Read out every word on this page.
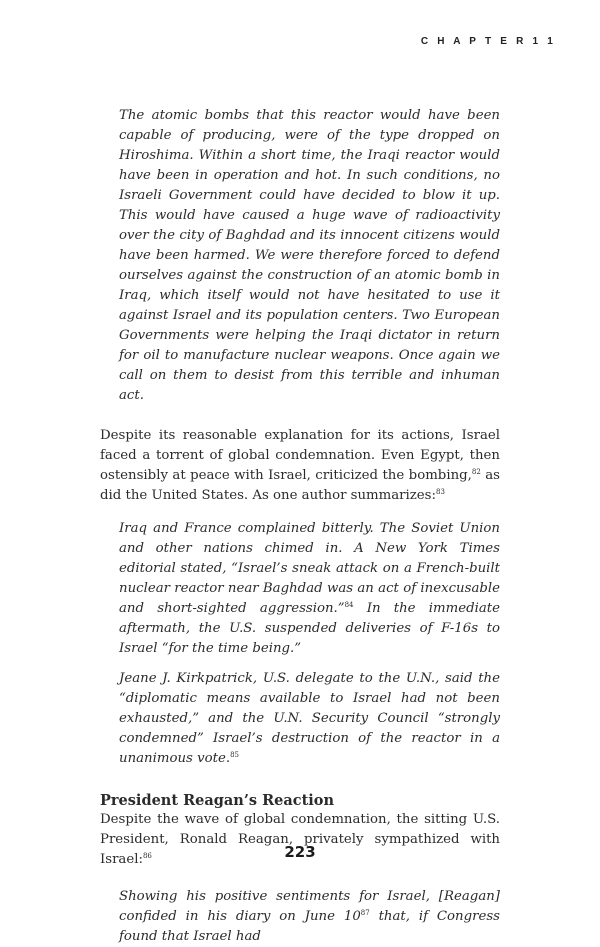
C H A P T E R 1 1

The atomic bombs that this reactor would have been capable of producing, were of the type dropped on Hiroshima. Within a short time, the Iraqi reactor would have been in operation and hot. In such conditions, no Israeli Government could have decided to blow it up. This would have caused a huge wave of radioactivity over the city of Baghdad and its innocent citizens would have been harmed. We were therefore forced to defend ourselves against the construction of an atomic bomb in Iraq, which itself would not have hesitated to use it against Israel and its population centers. Two European Governments were helping the Iraqi dictator in return for oil to manufacture nuclear weapons. Once again we call on them to desist from this terrible and inhuman act.

Despite its reasonable explanation for its actions, Israel faced a torrent of global condemnation. Even Egypt, then ostensibly at peace with Israel, criticized the bombing,$^{82}$ as did the United States. As one author summarizes:$^{83}$

Iraq and France complained bitterly. The Soviet Union and other nations chimed in. A New York Times editorial stated, “Israel’s sneak attack on a French-built nuclear reactor near Baghdad was an act of inexcusable and short-sighted aggression.”$^{84}$ In the immediate aftermath, the U.S. suspended deliveries of F-16s to Israel “for the time being.”

Jeane J. Kirkpatrick, U.S. delegate to the U.N., said the “diplomatic means available to Israel had not been exhausted,” and the U.N. Security Council “strongly condemned” Israel’s destruction of the reactor in a unanimous vote.$^{85}$

President Reagan’s Reaction

Despite the wave of global condemnation, the sitting U.S. President, Ronald Reagan, privately sympathized with Israel:$^{86}$

Showing his positive sentiments for Israel, [Reagan] confided in his diary on June $10^{87}$ that, if Congress found that Israel had

223
